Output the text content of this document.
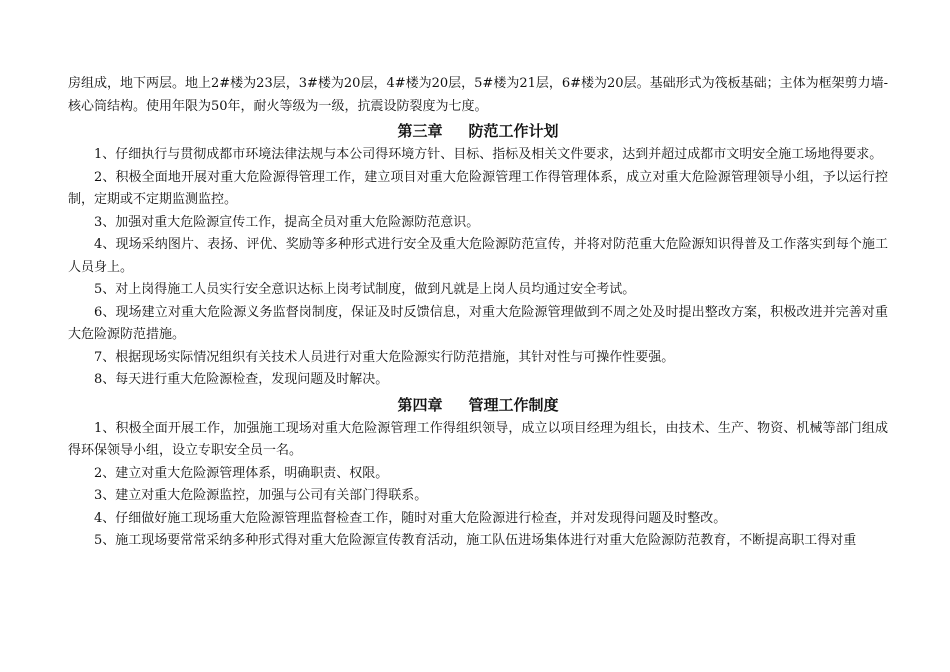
房组成，地下两层。地上2#楼为23层，3#楼为20层，4#楼为20层，5#楼为21层，6#楼为20层。基础形式为筏板基础；主体为框架剪力墙-核心筒结构。使用年限为50年，耐火等级为一级，抗震设防裂度为七度。

第三章 防范工作计划

1、仔细执行与贯彻成都市环境法律法规与本公司得环境方针、目标、指标及相关文件要求，达到并超过成都市文明安全施工场地得要求。

2、积极全面地开展对重大危险源得管理工作，建立项目对重大危险源管理工作得管理体系，成立对重大危险源管理领导小组，予以运行控制，定期或不定期监测监控。

3、加强对重大危险源宣传工作，提高全员对重大危险源防范意识。

4、现场采纳图片、表扬、评优、奖励等多种形式进行安全及重大危险源防范宣传，并将对防范重大危险源知识得普及工作落实到每个施工人员身上。

5、对上岗得施工人员实行安全意识达标上岗考试制度，做到凡就是上岗人员均通过安全考试。

6、现场建立对重大危险源义务监督岗制度，保证及时反馈信息，对重大危险源管理做到不周之处及时提出整改方案，积极改进并完善对重大危险源防范措施。

7、根据现场实际情况组织有关技术人员进行对重大危险源实行防范措施，其针对性与可操作性要强。

8、每天进行重大危险源检查，发现问题及时解决。

第四章 管理工作制度

1、积极全面开展工作，加强施工现场对重大危险源管理工作得组织领导，成立以项目经理为组长，由技术、生产、物资、机械等部门组成得环保领导小组，设立专职安全员一名。

2、建立对重大危险源管理体系，明确职责、权限。

3、建立对重大危险源监控，加强与公司有关部门得联系。

4、仔细做好施工现场重大危险源管理监督检查工作，随时对重大危险源进行检查，并对发现得问题及时整改。

5、施工现场要常常采纳多种形式得对重大危险源宣传教育活动，施工队伍进场集体进行对重大危险源防范教育，不断提高职工得对重
